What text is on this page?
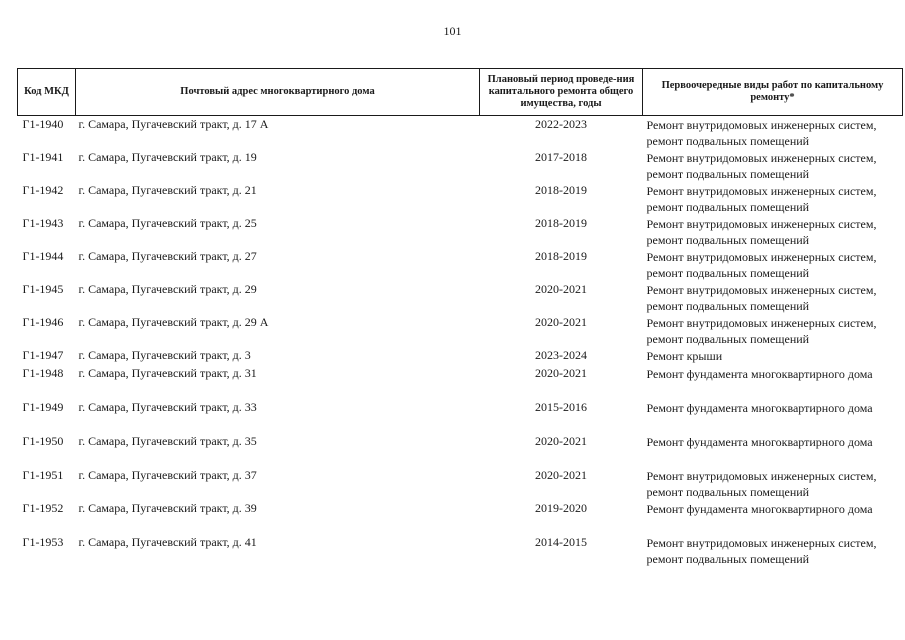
101
Код МКД	Почтовый адрес многоквартирного дома	Плановый период проведе-ния капитального ремонта общего имущества, годы	Первоочередные виды работ по капитальному ремонту*
Г1-1940	г. Самара, Пугачевский тракт, д. 17 А	2022-2023	Ремонт внутридомовых инженерных систем, ремонт подвальных помещений
Г1-1941	г. Самара, Пугачевский тракт, д. 19	2017-2018	Ремонт внутридомовых инженерных систем, ремонт подвальных помещений
Г1-1942	г. Самара, Пугачевский тракт, д. 21	2018-2019	Ремонт внутридомовых инженерных систем, ремонт подвальных помещений
Г1-1943	г. Самара, Пугачевский тракт, д. 25	2018-2019	Ремонт внутридомовых инженерных систем, ремонт подвальных помещений
Г1-1944	г. Самара, Пугачевский тракт, д. 27	2018-2019	Ремонт внутридомовых инженерных систем, ремонт подвальных помещений
Г1-1945	г. Самара, Пугачевский тракт, д. 29	2020-2021	Ремонт внутридомовых инженерных систем, ремонт подвальных помещений
Г1-1946	г. Самара, Пугачевский тракт, д. 29 А	2020-2021	Ремонт внутридомовых инженерных систем, ремонт подвальных помещений
Г1-1947	г. Самара, Пугачевский тракт, д. 3	2023-2024	Ремонт крыши
Г1-1948	г. Самара, Пугачевский тракт, д. 31	2020-2021	Ремонт фундамента многоквартирного дома
Г1-1949	г. Самара, Пугачевский тракт, д. 33	2015-2016	Ремонт фундамента многоквартирного дома
Г1-1950	г. Самара, Пугачевский тракт, д. 35	2020-2021	Ремонт фундамента многоквартирного дома
Г1-1951	г. Самара, Пугачевский тракт, д. 37	2020-2021	Ремонт внутридомовых инженерных систем, ремонт подвальных помещений
Г1-1952	г. Самара, Пугачевский тракт, д. 39	2019-2020	Ремонт фундамента многоквартирного дома
Г1-1953	г. Самара, Пугачевский тракт, д. 41	2014-2015	Ремонт внутридомовых инженерных систем, ремонт подвальных помещений
